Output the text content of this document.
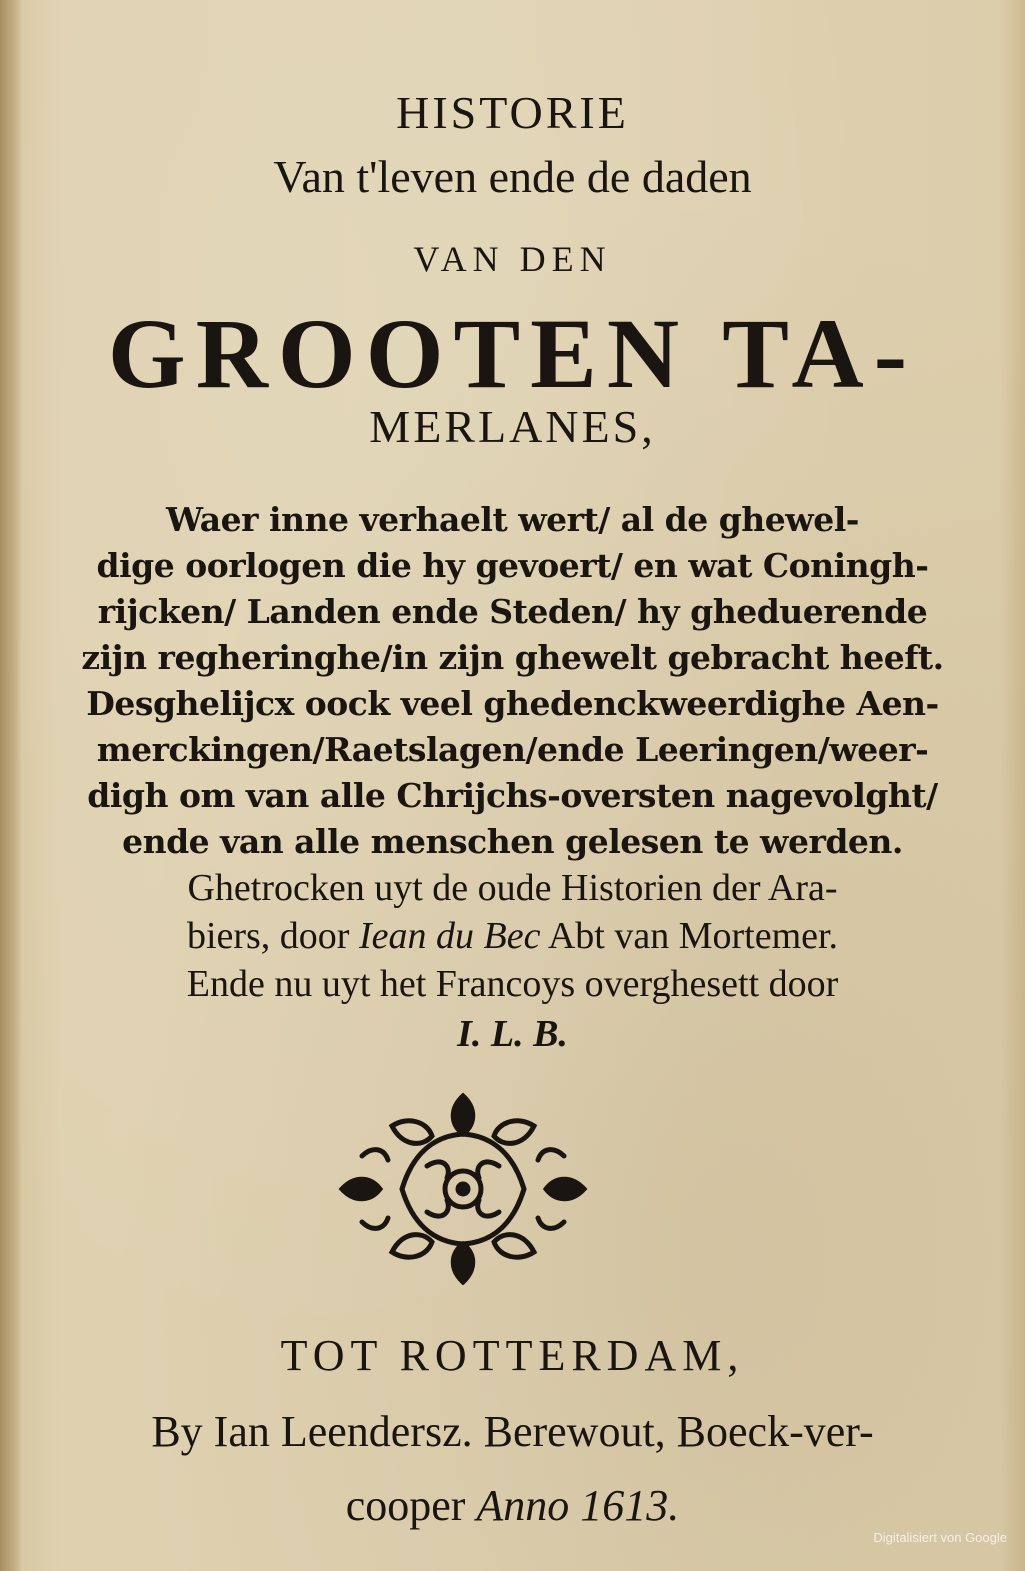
HISTORIE
Van t'leven ende de daden
VAN DEN
GROOTEN TA-
MERLANES,
Waer inne verhaelt wert/ al de ghewel-
dige oorlogen die hy gevoert/ en wat Coningh-
rijcken/ Landen ende Steden/ hy gheduerende
zijn regheringhe/in zijn ghewelt gebracht heeft.
Desghelijcx oock veel ghedenckweerdighe Aen-
merckingen/Raetslagen/ende Leeringen/weer-
digh om van alle Chrijchs-oversten nagevolght/
ende van alle menschen gelesen te werden.
Ghetrocken uyt de oude Historien der Ara-
biers, door Iean du Bec Abt van Mortemer.
Ende nu uyt het Francoys overghesett door
I. L. B.
TOT ROTTERDAM,
By Ian Leendersz. Berewout, Boeck-ver-
cooper Anno 1613.
Digitalisiert von Google
